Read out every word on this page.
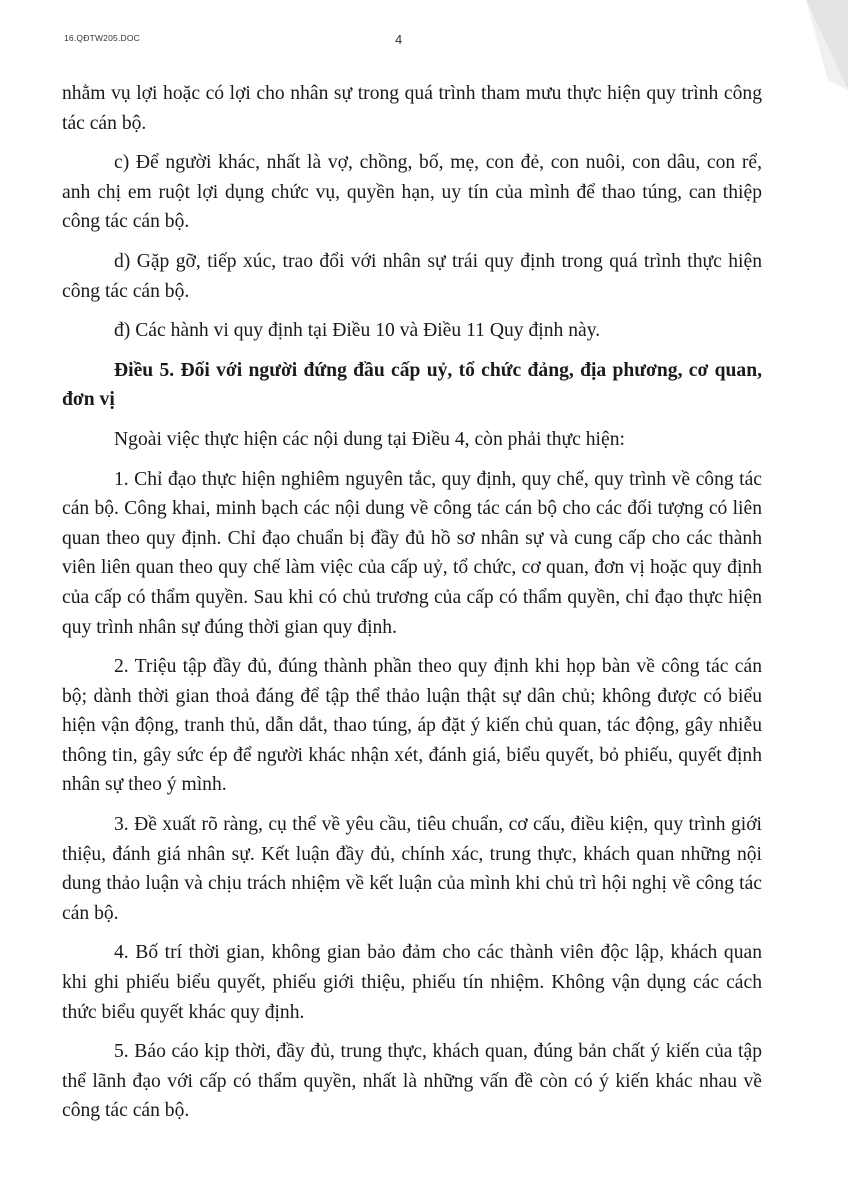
16.QĐTW205.DOC	4

nhằm vụ lợi hoặc có lợi cho nhân sự trong quá trình tham mưu thực hiện quy trình công tác cán bộ.

c) Để người khác, nhất là vợ, chồng, bố, mẹ, con đẻ, con nuôi, con dâu, con rể, anh chị em ruột lợi dụng chức vụ, quyền hạn, uy tín của mình để thao túng, can thiệp công tác cán bộ.

d) Gặp gỡ, tiếp xúc, trao đổi với nhân sự trái quy định trong quá trình thực hiện công tác cán bộ.

đ) Các hành vi quy định tại Điều 10 và Điều 11 Quy định này.

Điều 5. Đối với người đứng đầu cấp uỷ, tổ chức đảng, địa phương, cơ quan, đơn vị

Ngoài việc thực hiện các nội dung tại Điều 4, còn phải thực hiện:

1. Chỉ đạo thực hiện nghiêm nguyên tắc, quy định, quy chế, quy trình về công tác cán bộ. Công khai, minh bạch các nội dung về công tác cán bộ cho các đối tượng có liên quan theo quy định. Chỉ đạo chuẩn bị đầy đủ hồ sơ nhân sự và cung cấp cho các thành viên liên quan theo quy chế làm việc của cấp uỷ, tổ chức, cơ quan, đơn vị hoặc quy định của cấp có thẩm quyền. Sau khi có chủ trương của cấp có thẩm quyền, chỉ đạo thực hiện quy trình nhân sự đúng thời gian quy định.

2. Triệu tập đầy đủ, đúng thành phần theo quy định khi họp bàn về công tác cán bộ; dành thời gian thoả đáng để tập thể thảo luận thật sự dân chủ; không được có biểu hiện vận động, tranh thủ, dẫn dắt, thao túng, áp đặt ý kiến chủ quan, tác động, gây nhiễu thông tin, gây sức ép để người khác nhận xét, đánh giá, biểu quyết, bỏ phiếu, quyết định nhân sự theo ý mình.

3. Đề xuất rõ ràng, cụ thể về yêu cầu, tiêu chuẩn, cơ cấu, điều kiện, quy trình giới thiệu, đánh giá nhân sự. Kết luận đầy đủ, chính xác, trung thực, khách quan những nội dung thảo luận và chịu trách nhiệm về kết luận của mình khi chủ trì hội nghị về công tác cán bộ.

4. Bố trí thời gian, không gian bảo đảm cho các thành viên độc lập, khách quan khi ghi phiếu biểu quyết, phiếu giới thiệu, phiếu tín nhiệm. Không vận dụng các cách thức biểu quyết khác quy định.

5. Báo cáo kịp thời, đầy đủ, trung thực, khách quan, đúng bản chất ý kiến của tập thể lãnh đạo với cấp có thẩm quyền, nhất là những vấn đề còn có ý kiến khác nhau về công tác cán bộ.
